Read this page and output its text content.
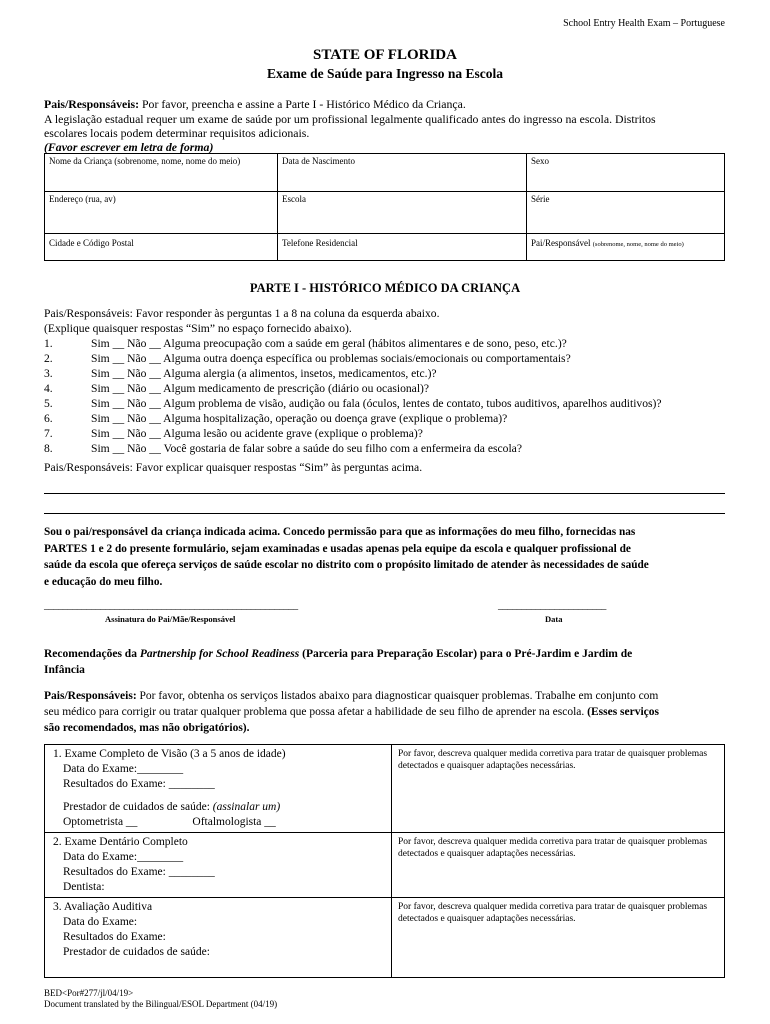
School Entry Health Exam – Portuguese
STATE OF FLORIDA
Exame de Saúde para Ingresso na Escola
Pais/Responsáveis: Por favor, preencha e assine a Parte I - Histórico Médico da Criança.
A legislação estadual requer um exame de saúde por um profissional legalmente qualificado antes do ingresso na escola. Distritos
escolares locais podem determinar requisitos adicionais.
(Favor escrever em letra de forma)
Nome da Criança (sobrenome, nome, nome do meio)	Data de Nascimento	Sexo
Endereço (rua, av)	Escola	Série
Cidade e Código Postal	Telefone Residencial	Pai/Responsável (sobrenome, nome, nome do meio)
PARTE I - HISTÓRICO MÉDICO DA CRIANÇA
Pais/Responsáveis: Favor responder às perguntas 1 a 8 na coluna da esquerda abaixo.
(Explique quaisquer respostas “Sim” no espaço fornecido abaixo).
1.	Sim __ Não __ Alguma preocupação com a saúde em geral (hábitos alimentares e de sono, peso, etc.)?
2.	Sim __ Não __ Alguma outra doença específica ou problemas sociais/emocionais ou comportamentais?
3.	Sim __ Não __ Alguma alergia (a alimentos, insetos, medicamentos, etc.)?
4.	Sim __ Não __ Algum medicamento de prescrição (diário ou ocasional)?
5.	Sim __ Não __ Algum problema de visão, audição ou fala (óculos, lentes de contato, tubos auditivos, aparelhos auditivos)?
6.	Sim __ Não __ Alguma hospitalização, operação ou doença grave (explique o problema)?
7.	Sim __ Não __ Alguma lesão ou acidente grave (explique o problema)?
8.	Sim __ Não __ Você gostaria de falar sobre a saúde do seu filho com a enfermeira da escola?
Pais/Responsáveis: Favor explicar quaisquer respostas “Sim” às perguntas acima.
Sou o pai/responsável da criança indicada acima. Concedo permissão para que as informações do meu filho, fornecidas nas
PARTES 1 e 2 do presente formulário, sejam examinadas e usadas apenas pela equipe da escola e qualquer profissional de
saúde da escola que ofereça serviços de saúde escolar no distrito com o propósito limitado de atender às necessidades de saúde
e educação do meu filho.
______________________________________________________
Assinatura do Pai/Mãe/Responsável
_______________________
Data
Recomendações da Partnership for School Readiness (Parceria para Preparação Escolar) para o Pré-Jardim e Jardim de
Infância
Pais/Responsáveis: Por favor, obtenha os serviços listados abaixo para diagnosticar quaisquer problemas. Trabalhe em conjunto com
seu médico para corrigir ou tratar qualquer problema que possa afetar a habilidade de seu filho de aprender na escola. (Esses serviços
são recomendados, mas não obrigatórios).
1. Exame Completo de Visão (3 a 5 anos de idade)
Data do Exame:________
Resultados do Exame: ________
Prestador de cuidados de saúde: (assinalar um)
Optometrista __ Oftalmologista __	Por favor, descreva qualquer medida corretiva para tratar de quaisquer problemas detectados e quaisquer adaptações necessárias.

2. Exame Dentário Completo
Data do Exame:________
Resultados do Exame: ________
Dentista:	Por favor, descreva qualquer medida corretiva para tratar de quaisquer problemas detectados e quaisquer adaptações necessárias.

3. Avaliação Auditiva
Data do Exame:
Resultados do Exame:
Prestador de cuidados de saúde:	Por favor, descreva qualquer medida corretiva para tratar de quaisquer problemas detectados e quaisquer adaptações necessárias.
BED<Por#277/jl/04/19>
Document translated by the Bilingual/ESOL Department (04/19)
